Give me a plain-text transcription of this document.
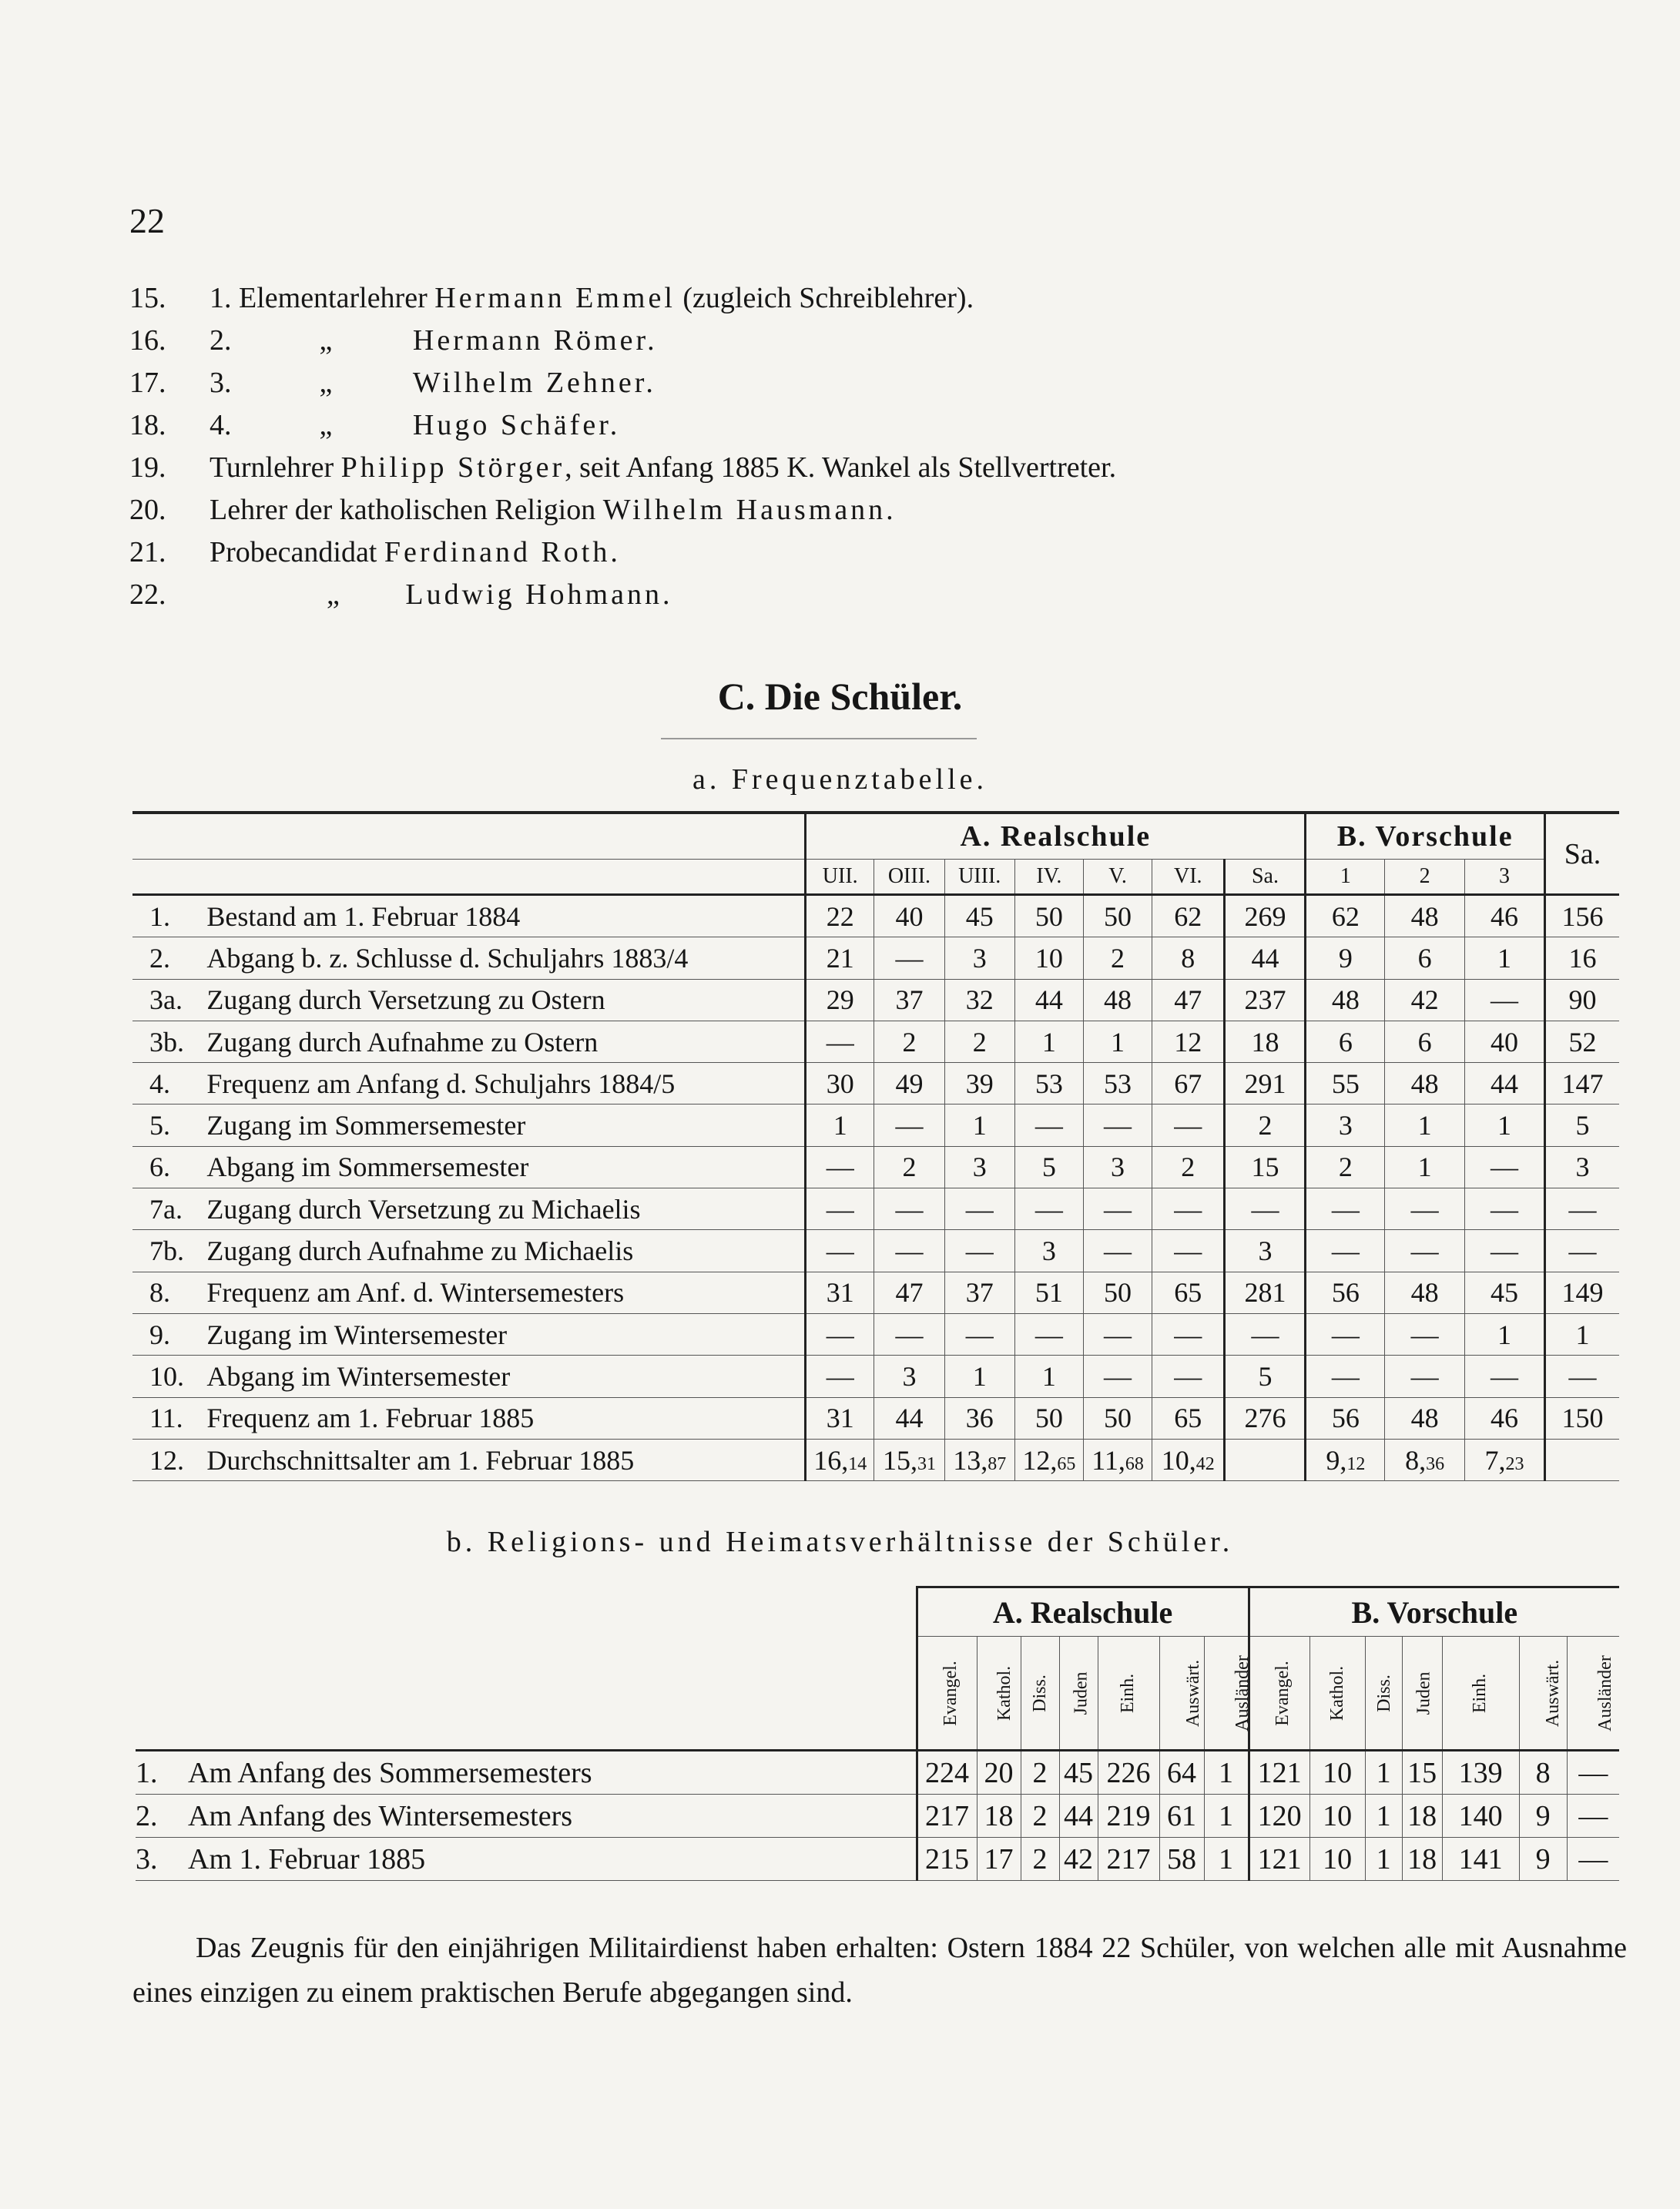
22
15. 1. Elementarlehrer Hermann Emmel (zugleich Schreiblehrer).
16. 2.            „           Hermann Römer.
17. 3.            „           Wilhelm Zehner.
18. 4.            „           Hugo Schäfer.
19. Turnlehrer Philipp Störger, seit Anfang 1885 K. Wankel als Stellvertreter.
20. Lehrer der katholischen Religion Wilhelm Hausmann.
21. Probecandidat Ferdinand Roth.
22. „         Ludwig Hohmann.
C. Die Schüler.
a. Frequenztabelle.
		A. Realschule							B. Vorschule			Sa.
		UII.	OIII.	UIII.	IV.	V.	VI.	Sa.	1	2	3	
1.	Bestand am 1. Februar 1884	22	40	45	50	50	62	269	62	48	46	156
2.	Abgang b. z. Schlusse d. Schuljahrs 1883/4	21	—	3	10	2	8	44	9	6	1	16
3a.	Zugang durch Versetzung zu Ostern	29	37	32	44	48	47	237	48	42	—	90
3b.	Zugang durch Aufnahme zu Ostern	—	2	2	1	1	12	18	6	6	40	52
4.	Frequenz am Anfang d. Schuljahrs 1884/5	30	49	39	53	53	67	291	55	48	44	147
5.	Zugang im Sommersemester	1	—	1	—	—	—	2	3	1	1	5
6.	Abgang im Sommersemester	—	2	3	5	3	2	15	2	1	—	3
7a.	Zugang durch Versetzung zu Michaelis	—	—	—	—	—	—	—	—	—	—	—
7b.	Zugang durch Aufnahme zu Michaelis	—	—	—	3	—	—	3	—	—	—	—
8.	Frequenz am Anf. d. Wintersemesters	31	47	37	51	50	65	281	56	48	45	149
9.	Zugang im Wintersemester	—	—	—	—	—	—	—	—	—	1	1
10.	Abgang im Wintersemester	—	3	1	1	—	—	5	—	—	—	—
11.	Frequenz am 1. Februar 1885	31	44	36	50	50	65	276	56	48	46	150
12.	Durchschnittsalter am 1. Februar 1885	16,14	15,31	13,87	12,65	11,68	10,42		9,12	8,36	7,23	
b. Religions- und Heimatsverhältnisse der Schüler.
		A. Realschule							B. Vorschule						
		Evangel.	Kathol.	Diss.	Juden	Einh.	Auswärt.	Ausländer	Evangel.	Kathol.	Diss.	Juden	Einh.	Auswärt.	Ausländer
1.	Am Anfang des Sommersemesters	224	20	2	45	226	64	1	121	10	1	15	139	8	—
2.	Am Anfang des Wintersemesters	217	18	2	44	219	61	1	120	10	1	18	140	9	—
3.	Am 1. Februar 1885	215	17	2	42	217	58	1	121	10	1	18	141	9	—

Das Zeugnis für den einjährigen Militairdienst haben erhalten: Ostern 1884 22 Schüler, von welchen alle mit Ausnahme eines einzigen zu einem praktischen Berufe abgegangen sind.
